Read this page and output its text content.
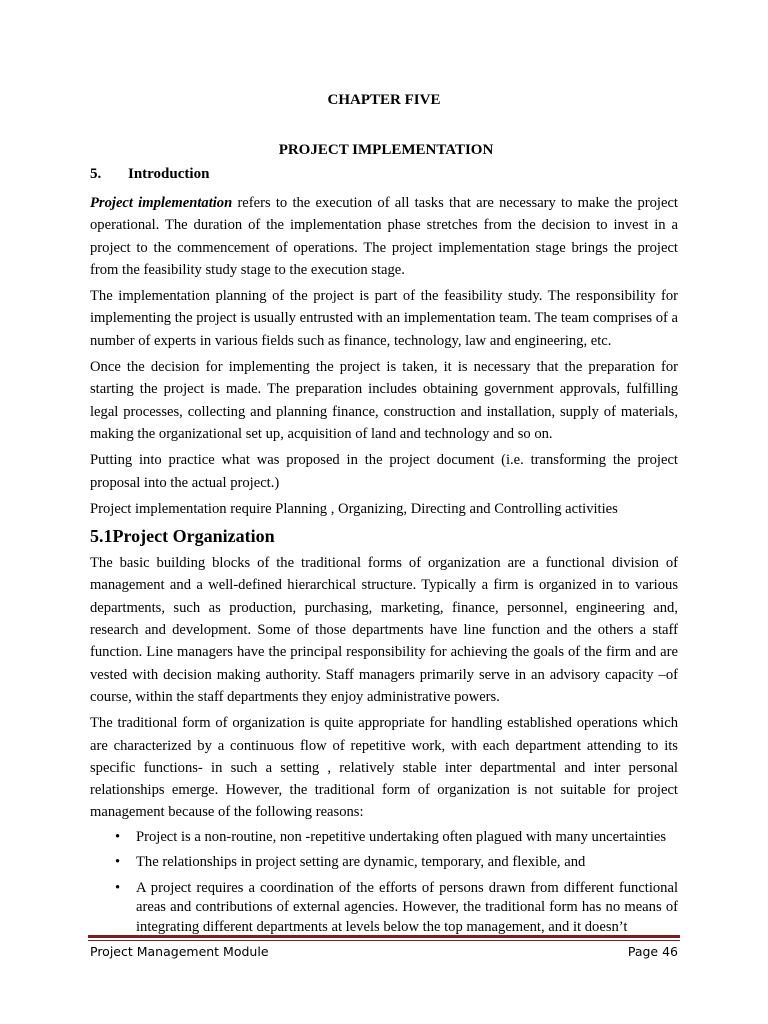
CHAPTER FIVE
PROJECT IMPLEMENTATION
5. Introduction

Project implementation refers to the execution of all tasks that are necessary to make the project operational. The duration of the implementation phase stretches from the decision to invest in a project to the commencement of operations. The project implementation stage brings the project from the feasibility study stage to the execution stage.

The implementation planning of the project is part of the feasibility study. The responsibility for implementing the project is usually entrusted with an implementation team. The team comprises of a number of experts in various fields such as finance, technology, law and engineering, etc.

Once the decision for implementing the project is taken, it is necessary that the preparation for starting the project is made. The preparation includes obtaining government approvals, fulfilling legal processes, collecting and planning finance, construction and installation, supply of materials, making the organizational set up, acquisition of land and technology and so on.

Putting into practice what was proposed in the project document (i.e. transforming the project proposal into the actual project.)

Project implementation require Planning , Organizing, Directing and Controlling activities

5.1Project Organization

The basic building blocks of the traditional forms of organization are a functional division of management and a well-defined hierarchical structure. Typically a firm is organized in to various departments, such as production, purchasing, marketing, finance, personnel, engineering and, research and development. Some of those departments have line function and the others a staff function. Line managers have the principal responsibility for achieving the goals of the firm and are vested with decision making authority. Staff managers primarily serve in an advisory capacity –of course, within the staff departments they enjoy administrative powers.

The traditional form of organization is quite appropriate for handling established operations which are characterized by a continuous flow of repetitive work, with each department attending to its specific functions- in such a setting , relatively stable inter departmental and inter personal relationships emerge. However, the traditional form of organization is not suitable for project management because of the following reasons:

• Project is a non-routine, non -repetitive undertaking often plagued with many uncertainties
• The relationships in project setting are dynamic, temporary, and flexible, and
• A project requires a coordination of the efforts of persons drawn from different functional areas and contributions of external agencies. However, the traditional form has no means of integrating different departments at levels below the top management, and it doesn’t
Project Management Module	Page 46
